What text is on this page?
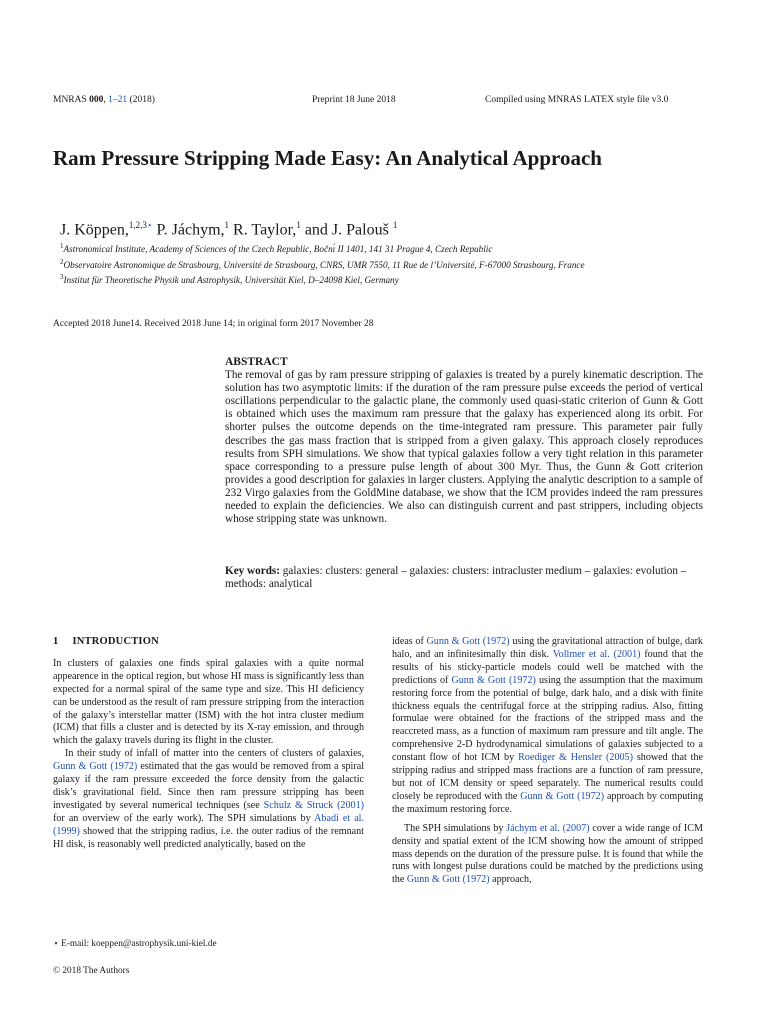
MNRAS 000, 1–21 (2018)	Preprint 18 June 2018	Compiled using MNRAS LATEX style file v3.0
Ram Pressure Stripping Made Easy: An Analytical Approach
J. Köppen,$^{1,2,3⋆}$ P. Jáchym,$^1$ R. Taylor,$^1$ and J. Palouš $^1$
$^1$Astronomical Institute, Academy of Sciences of the Czech Republic, Bočnı́ II 1401, 141 31 Prague 4, Czech Republic
$^2$Observatoire Astronomique de Strasbourg, Université de Strasbourg, CNRS, UMR 7550, 11 Rue de l’Université, F-67000 Strasbourg, France
$^3$Institut für Theoretische Physik und Astrophysik, Universität Kiel, D–24098 Kiel, Germany
Accepted 2018 June14. Received 2018 June 14; in original form 2017 November 28
ABSTRACT
The removal of gas by ram pressure stripping of galaxies is treated by a purely kinematic description. The solution has two asymptotic limits: if the duration of the ram pressure pulse exceeds the period of vertical oscillations perpendicular to the galactic plane, the commonly used quasi-static criterion of Gunn & Gott is obtained which uses the maximum ram pressure that the galaxy has experienced along its orbit. For shorter pulses the outcome depends on the time-integrated ram pressure. This parameter pair fully describes the gas mass fraction that is stripped from a given galaxy. This approach closely reproduces results from SPH simulations. We show that typical galaxies follow a very tight relation in this parameter space corresponding to a pressure pulse length of about 300 Myr. Thus, the Gunn & Gott criterion provides a good description for galaxies in larger clusters. Applying the analytic description to a sample of 232 Virgo galaxies from the GoldMine database, we show that the ICM provides indeed the ram pressures needed to explain the deficiencies. We also can distinguish current and past strippers, including objects whose stripping state was unknown.
Key words: galaxies: clusters: general – galaxies: clusters: intracluster medium – galaxies: evolution – methods: analytical
1 INTRODUCTION

In clusters of galaxies one finds spiral galaxies with a quite normal appearence in the optical region, but whose HI mass is significantly less than expected for a normal spiral of the same type and size. This HI deficiency can be understood as the result of ram pressure stripping from the interaction of the galaxy’s interstellar matter (ISM) with the hot intra cluster medium (ICM) that fills a cluster and is detected by its X-ray emission, and through which the galaxy travels during its flight in the cluster.

In their study of infall of matter into the centers of clusters of galaxies, Gunn & Gott (1972) estimated that the gas would be removed from a spiral galaxy if the ram pressure exceeded the force density from the galactic disk’s gravitational field. Since then ram pressure stripping has been investigated by several numerical techniques (see Schulz & Struck (2001) for an overview of the early work). The SPH simulations by Abadi et al. (1999) showed that the stripping radius, i.e. the outer radius of the remnant HI disk, is reasonably well predicted analytically, based on the

ideas of Gunn & Gott (1972) using the gravitational attraction of bulge, dark halo, and an infinitesimally thin disk. Vollmer et al. (2001) found that the results of his sticky-particle models could well be matched with the predictions of Gunn & Gott (1972) using the assumption that the maximum restoring force from the potential of bulge, dark halo, and a disk with finite thickness equals the centrifugal force at the stripping radius. Also, fitting formulae were obtained for the fractions of the stripped mass and the reaccreted mass, as a function of maximum ram pressure and tilt angle. The comprehensive 2-D hydrodynamical simulations of galaxies subjected to a constant flow of hot ICM by Roediger & Hensler (2005) showed that the stripping radius and stripped mass fractions are a function of ram pressure, but not of ICM density or speed separately. The numerical results could closely be reproduced with the Gunn & Gott (1972) approach by computing the maximum restoring force.

The SPH simulations by Jáchym et al. (2007) cover a wide range of ICM density and spatial extent of the ICM showing how the amount of stripped mass depends on the duration of the pressure pulse. It is found that while the runs with longest pulse durations could be matched by the predictions using the Gunn & Gott (1972) approach,

⋆ E-mail: koeppen@astrophysik.uni-kiel.de
© 2018 The Authors
